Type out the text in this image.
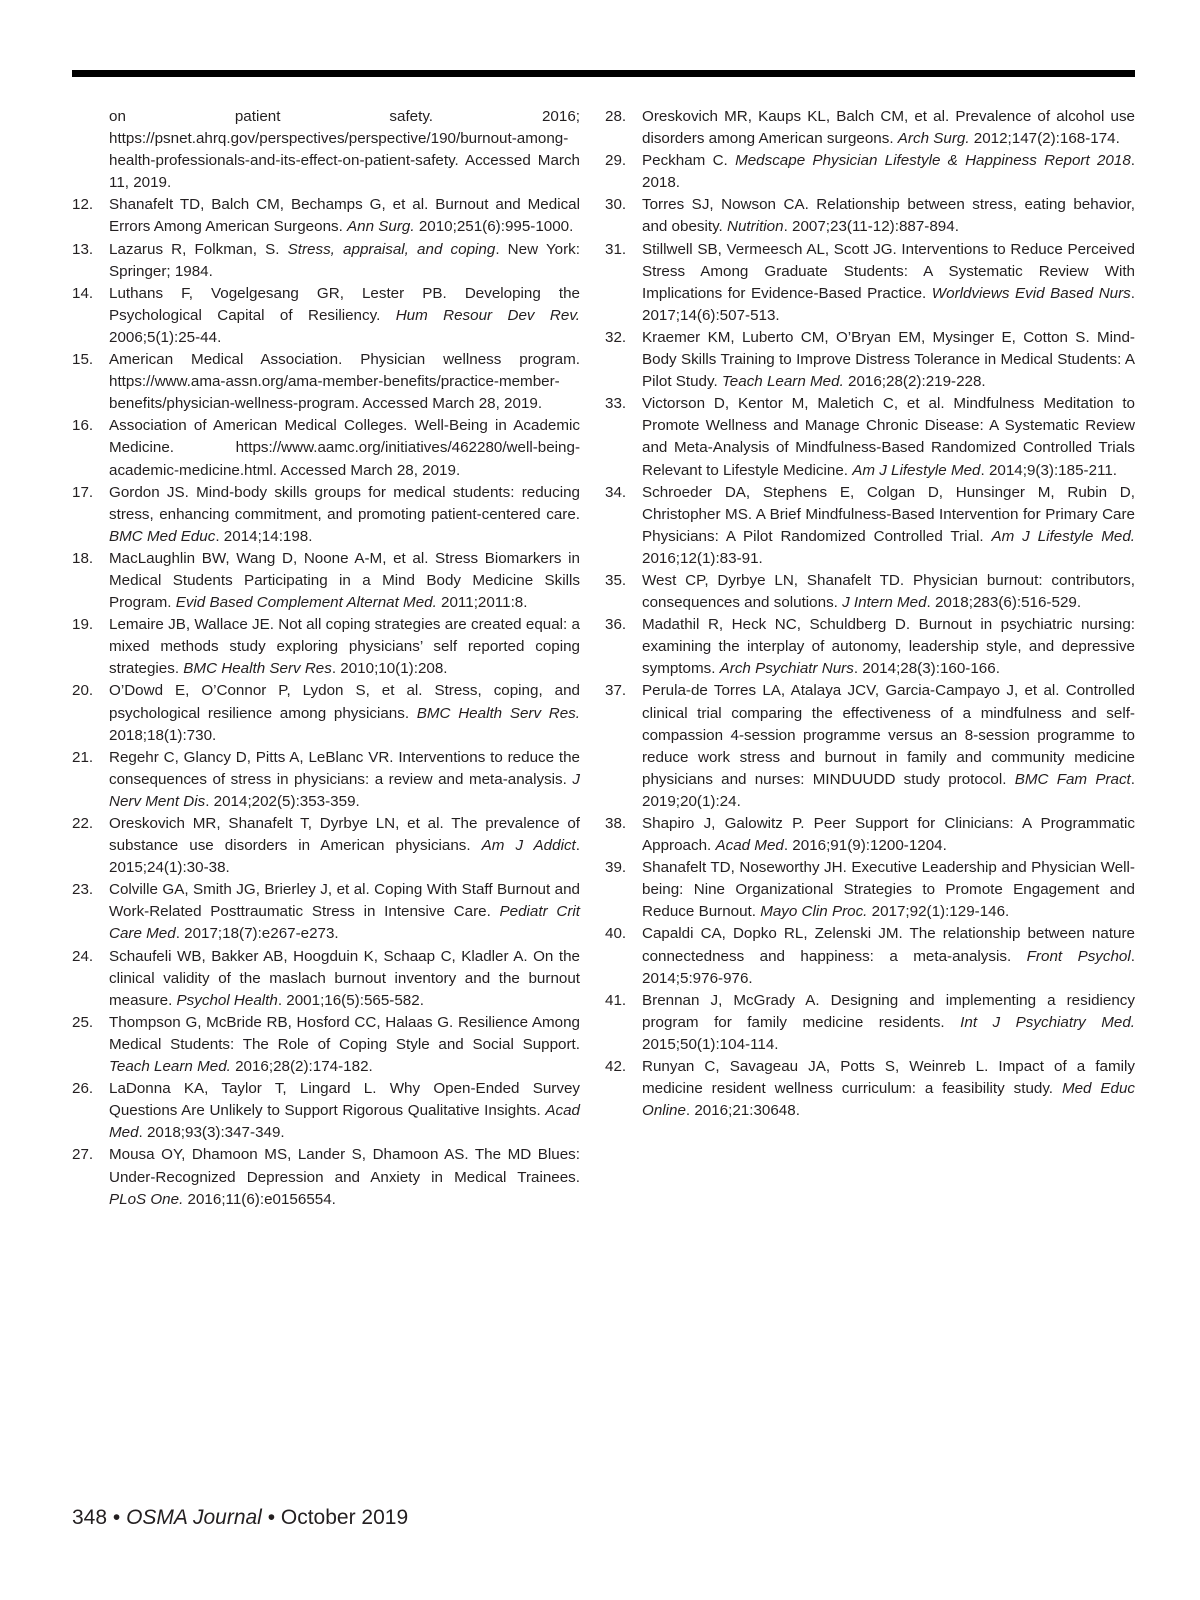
on patient safety. 2016; https://psnet.ahrq.gov/perspectives/perspective/190/burnout-among-health-professionals-and-its-effect-on-patient-safety. Accessed March 11, 2019.

12. Shanafelt TD, Balch CM, Bechamps G, et al. Burnout and Medical Errors Among American Surgeons. Ann Surg. 2010;251(6):995-1000.

13. Lazarus R, Folkman, S. Stress, appraisal, and coping. New York: Springer; 1984.

14. Luthans F, Vogelgesang GR, Lester PB. Developing the Psychological Capital of Resiliency. Hum Resour Dev Rev. 2006;5(1):25-44.

15. American Medical Association. Physician wellness program. https://www.ama-assn.org/ama-member-benefits/practice-member-benefits/physician-wellness-program. Accessed March 28, 2019.

16. Association of American Medical Colleges. Well-Being in Academic Medicine. https://www.aamc.org/initiatives/462280/well-being-academic-medicine.html. Accessed March 28, 2019.

17. Gordon JS. Mind-body skills groups for medical students: reducing stress, enhancing commitment, and promoting patient-centered care. BMC Med Educ. 2014;14:198.

18. MacLaughlin BW, Wang D, Noone A-M, et al. Stress Biomarkers in Medical Students Participating in a Mind Body Medicine Skills Program. Evid Based Complement Alternat Med. 2011;2011:8.

19. Lemaire JB, Wallace JE. Not all coping strategies are created equal: a mixed methods study exploring physicians’ self reported coping strategies. BMC Health Serv Res. 2010;10(1):208.

20. O’Dowd E, O’Connor P, Lydon S, et al. Stress, coping, and psychological resilience among physicians. BMC Health Serv Res. 2018;18(1):730.

21. Regehr C, Glancy D, Pitts A, LeBlanc VR. Interventions to reduce the consequences of stress in physicians: a review and meta-analysis. J Nerv Ment Dis. 2014;202(5):353-359.

22. Oreskovich MR, Shanafelt T, Dyrbye LN, et al. The prevalence of substance use disorders in American physicians. Am J Addict. 2015;24(1):30-38.

23. Colville GA, Smith JG, Brierley J, et al. Coping With Staff Burnout and Work-Related Posttraumatic Stress in Intensive Care. Pediatr Crit Care Med. 2017;18(7):e267-e273.

24. Schaufeli WB, Bakker AB, Hoogduin K, Schaap C, Kladler A. On the clinical validity of the maslach burnout inventory and the burnout measure. Psychol Health. 2001;16(5):565-582.

25. Thompson G, McBride RB, Hosford CC, Halaas G. Resilience Among Medical Students: The Role of Coping Style and Social Support. Teach Learn Med. 2016;28(2):174-182.

26. LaDonna KA, Taylor T, Lingard L. Why Open-Ended Survey Questions Are Unlikely to Support Rigorous Qualitative Insights. Acad Med. 2018;93(3):347-349.

27. Mousa OY, Dhamoon MS, Lander S, Dhamoon AS. The MD Blues: Under-Recognized Depression and Anxiety in Medical Trainees. PLoS One. 2016;11(6):e0156554.

28. Oreskovich MR, Kaups KL, Balch CM, et al. Prevalence of alcohol use disorders among American surgeons. Arch Surg. 2012;147(2):168-174.

29. Peckham C. Medscape Physician Lifestyle & Happiness Report 2018. 2018.

30. Torres SJ, Nowson CA. Relationship between stress, eating behavior, and obesity. Nutrition. 2007;23(11-12):887-894.

31. Stillwell SB, Vermeesch AL, Scott JG. Interventions to Reduce Perceived Stress Among Graduate Students: A Systematic Review With Implications for Evidence-Based Practice. Worldviews Evid Based Nurs. 2017;14(6):507-513.

32. Kraemer KM, Luberto CM, O’Bryan EM, Mysinger E, Cotton S. Mind-Body Skills Training to Improve Distress Tolerance in Medical Students: A Pilot Study. Teach Learn Med. 2016;28(2):219-228.

33. Victorson D, Kentor M, Maletich C, et al. Mindfulness Meditation to Promote Wellness and Manage Chronic Disease: A Systematic Review and Meta-Analysis of Mindfulness-Based Randomized Controlled Trials Relevant to Lifestyle Medicine. Am J Lifestyle Med. 2014;9(3):185-211.

34. Schroeder DA, Stephens E, Colgan D, Hunsinger M, Rubin D, Christopher MS. A Brief Mindfulness-Based Intervention for Primary Care Physicians: A Pilot Randomized Controlled Trial. Am J Lifestyle Med. 2016;12(1):83-91.

35. West CP, Dyrbye LN, Shanafelt TD. Physician burnout: contributors, consequences and solutions. J Intern Med. 2018;283(6):516-529.

36. Madathil R, Heck NC, Schuldberg D. Burnout in psychiatric nursing: examining the interplay of autonomy, leadership style, and depressive symptoms. Arch Psychiatr Nurs. 2014;28(3):160-166.

37. Perula-de Torres LA, Atalaya JCV, Garcia-Campayo J, et al. Controlled clinical trial comparing the effectiveness of a mindfulness and self-compassion 4-session programme versus an 8-session programme to reduce work stress and burnout in family and community medicine physicians and nurses: MINDUUDD study protocol. BMC Fam Pract. 2019;20(1):24.

38. Shapiro J, Galowitz P. Peer Support for Clinicians: A Programmatic Approach. Acad Med. 2016;91(9):1200-1204.

39. Shanafelt TD, Noseworthy JH. Executive Leadership and Physician Well-being: Nine Organizational Strategies to Promote Engagement and Reduce Burnout. Mayo Clin Proc. 2017;92(1):129-146.

40. Capaldi CA, Dopko RL, Zelenski JM. The relationship between nature connectedness and happiness: a meta-analysis. Front Psychol. 2014;5:976-976.

41. Brennan J, McGrady A. Designing and implementing a residiency program for family medicine residents. Int J Psychiatry Med. 2015;50(1):104-114.

42. Runyan C, Savageau JA, Potts S, Weinreb L. Impact of a family medicine resident wellness curriculum: a feasibility study. Med Educ Online. 2016;21:30648.

348 • OSMA Journal • October 2019
